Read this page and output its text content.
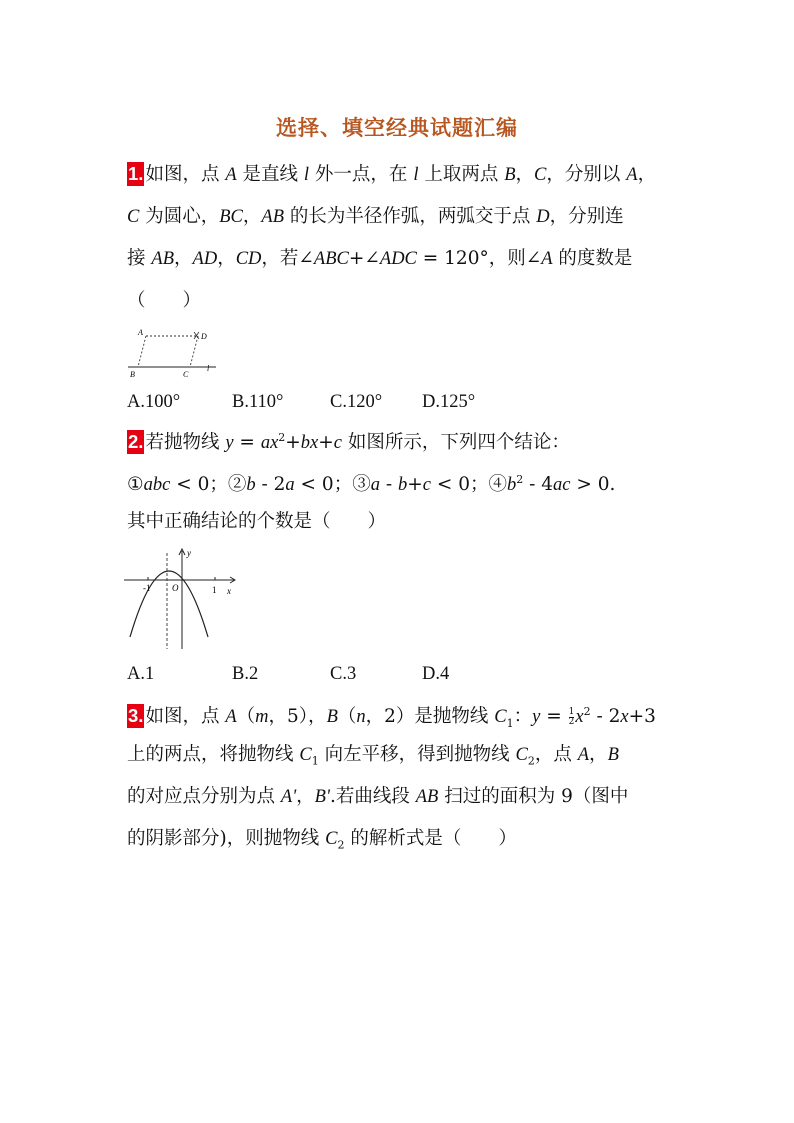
选择、填空经典试题汇编
1. 如图，点 A 是直线 l 外一点，在 l 上取两点 B，C，分别以 A，
C 为圆心，BC，AB 的长为半径作弧，两弧交于点 D，分别连
接 AB，AD，CD，若∠ABC+∠ADC = 120°，则∠A 的度数是
（　　）
A	D
B	C
l
A.100°	B.110°	C.120° D.125°
2. 若抛物线 $y = ax^2+bx+c$ 如图所示，下列四个结论：
①abc < 0；②b - 2a < 0；③a - b+c < 0；$④b^2 - 4ac > 0$.
其中正确结论的个数是（　　）
y
x
O
-1	1
A.1	B.2	C.3	D.4
3. 如图，点 A（m，5），B（n，2）是抛物线 $C_1$：$y = \frac{1}{2} x^2 - 2x+3$
上的两点，将抛物线 $C_1$ 向左平移，得到抛物线 $C_2$，点 A，B
的对应点分别为点 A'，B'.若曲线段 AB 扫过的面积为 9（图中
的阴影部分)，则抛物线 $C_2$ 的解析式是（　　）
